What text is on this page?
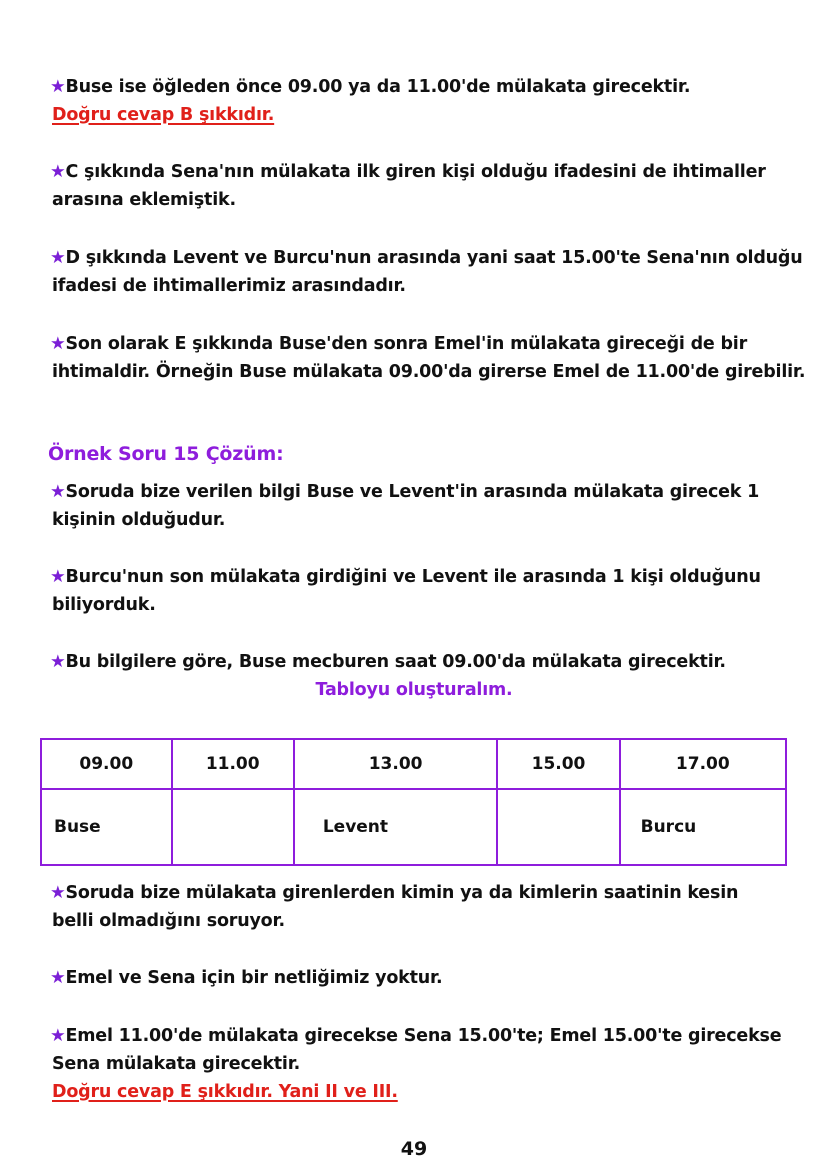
★Buse ise öğleden önce 09.00 ya da 11.00'de mülakata girecektir.
Doğru cevap B şıkkıdır.
★C şıkkında Sena'nın mülakata ilk giren kişi olduğu ifadesini de ihtimaller
arasına eklemiştik.
★D şıkkında Levent ve Burcu'nun arasında yani saat 15.00'te Sena'nın olduğu
ifadesi de ihtimallerimiz arasındadır.
★Son olarak E şıkkında Buse'den sonra Emel'in mülakata gireceği de bir
ihtimaldir. Örneğin Buse mülakata 09.00'da girerse Emel de 11.00'de girebilir.
Örnek Soru 15 Çözüm:
★Soruda bize verilen bilgi Buse ve Levent'in arasında mülakata girecek 1
kişinin olduğudur.
★Burcu'nun son mülakata girdiğini ve Levent ile arasında 1 kişi olduğunu
biliyorduk.
★Bu bilgilere göre, Buse mecburen saat 09.00'da mülakata girecektir.
Tabloyu oluşturalım.
09.00	11.00	13.00	15.00	17.00
Buse		Levent		Burcu
★Soruda bize mülakata girenlerden kimin ya da kimlerin saatinin kesin
belli olmadığını soruyor.
★Emel ve Sena için bir netliğimiz yoktur.
★Emel 11.00'de mülakata girecekse Sena 15.00'te; Emel 15.00'te girecekse
Sena mülakata girecektir.
Doğru cevap E şıkkıdır. Yani II ve III.
49
